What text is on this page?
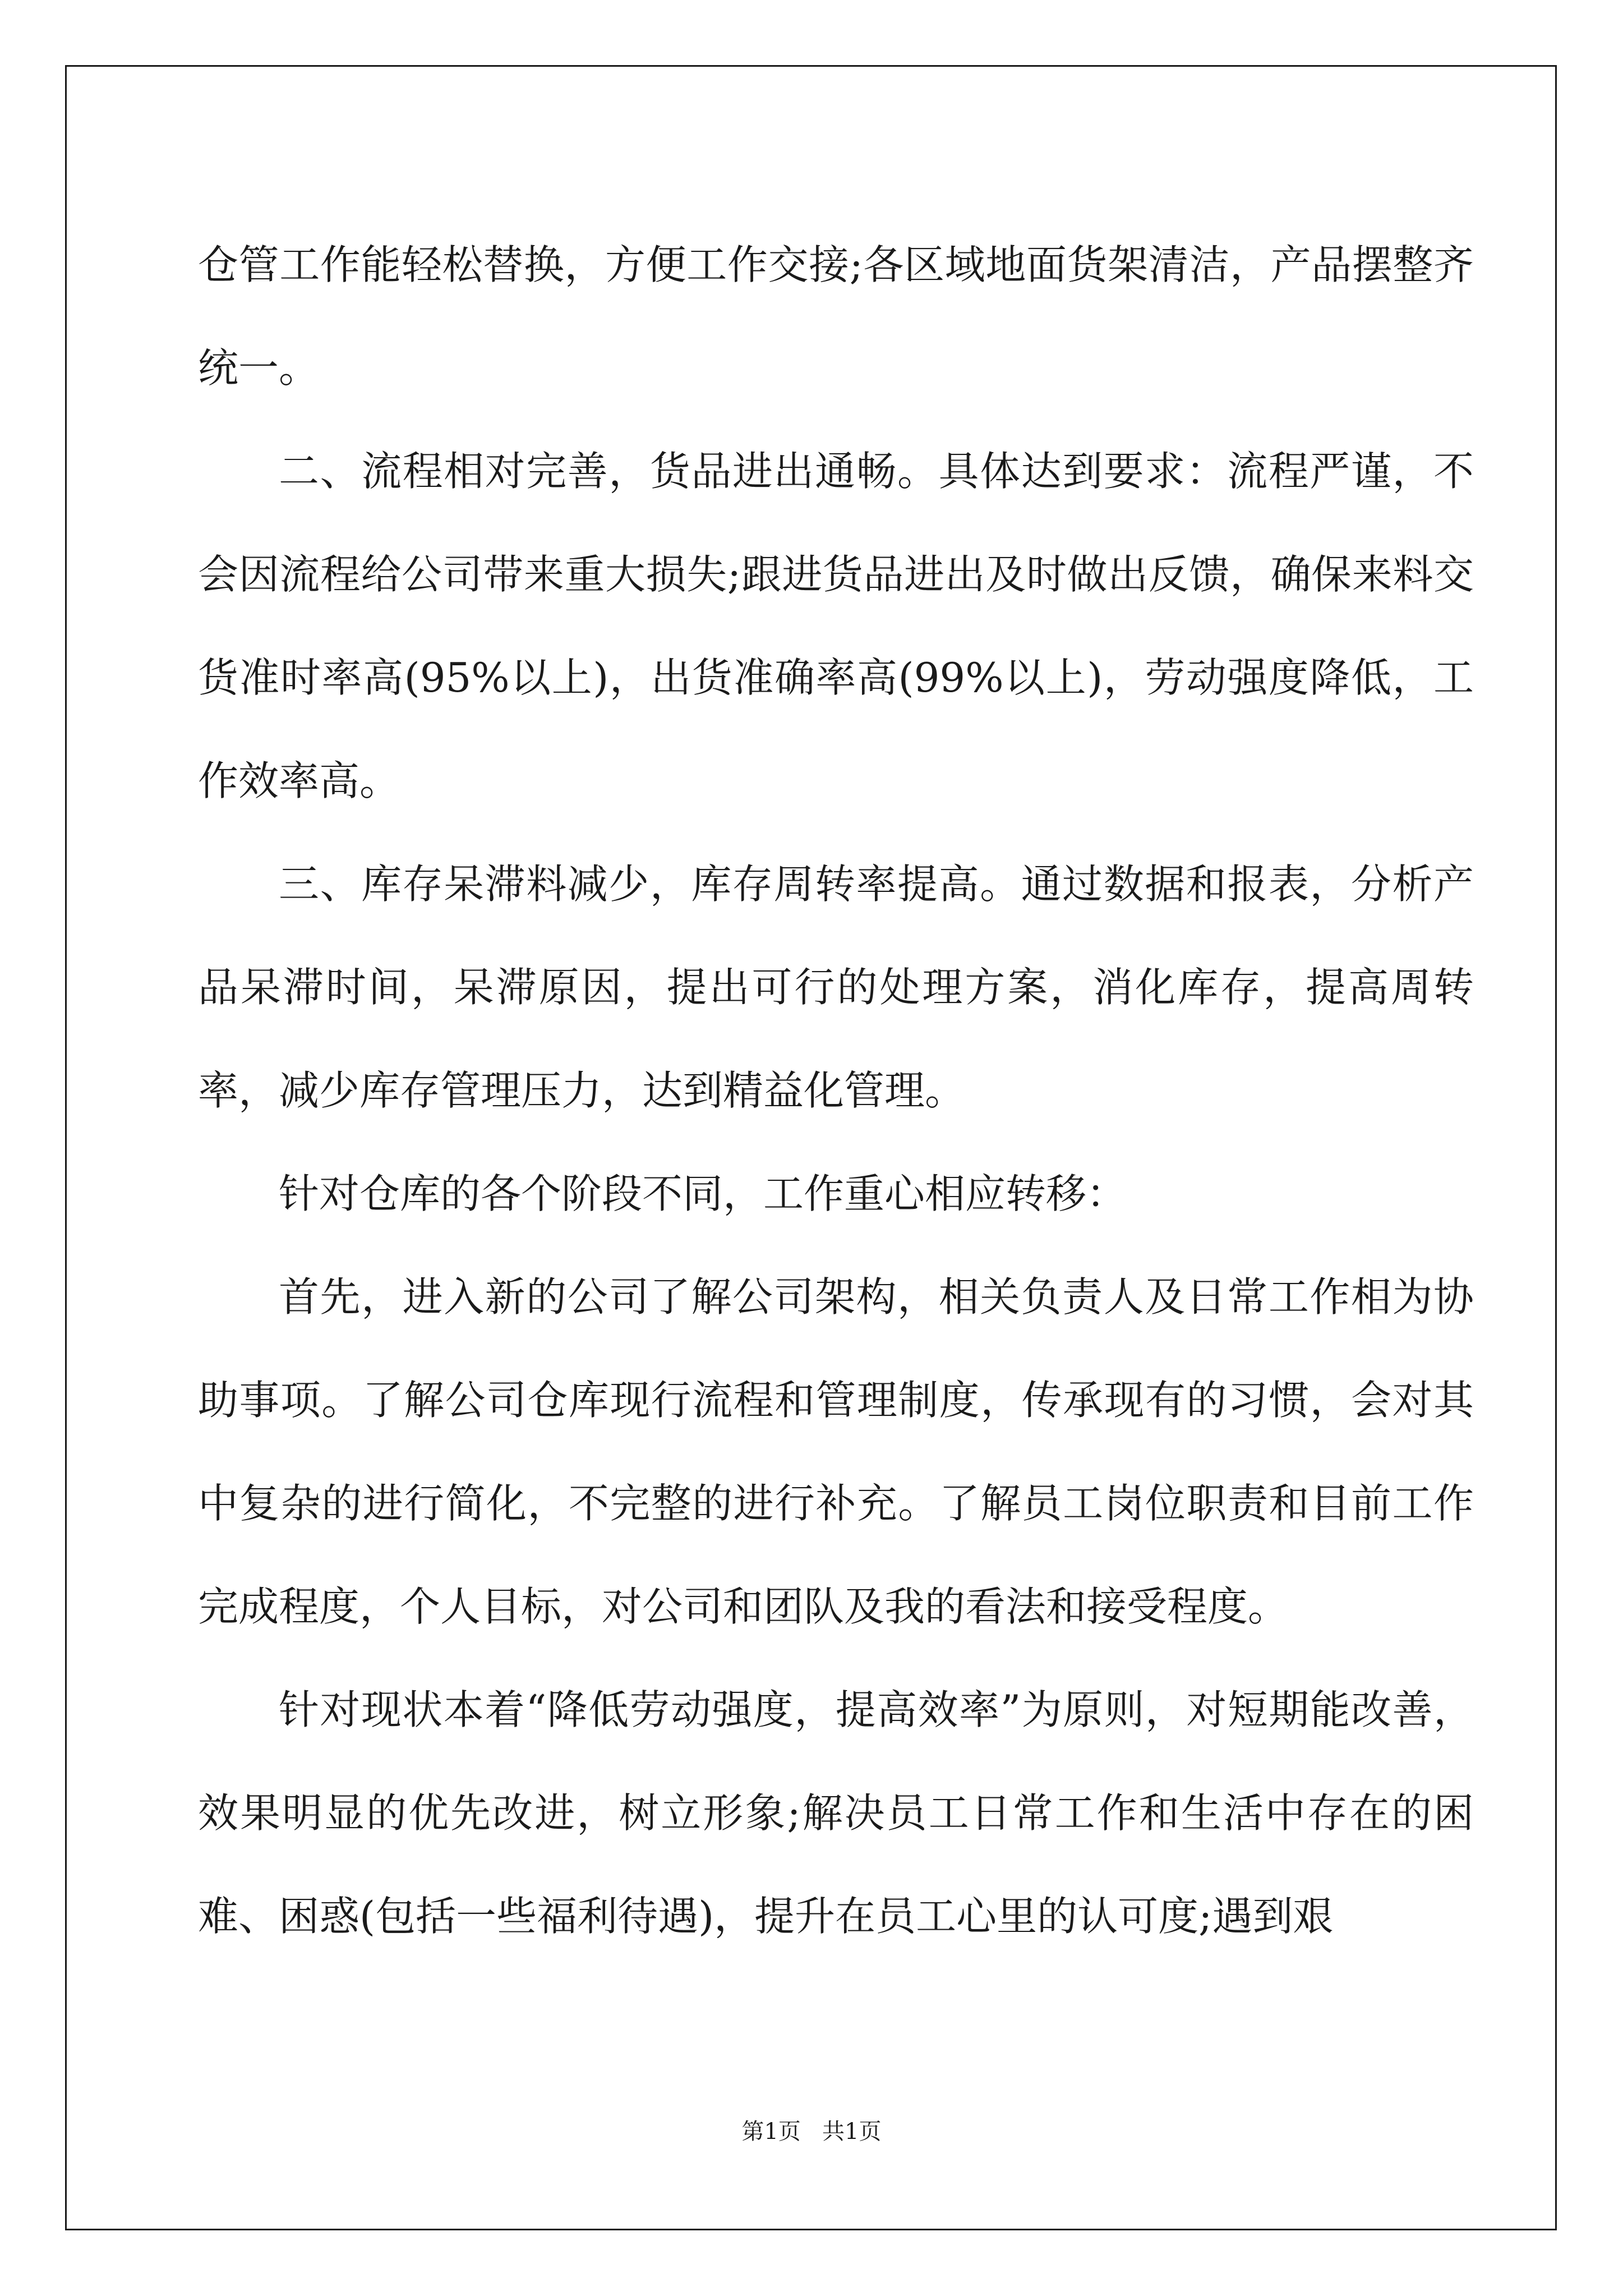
仓管工作能轻松替换，方便工作交接;各区域地面货架清洁，产品摆整齐统一。

二、流程相对完善，货品进出通畅。具体达到要求：流程严谨，不会因流程给公司带来重大损失;跟进货品进出及时做出反馈，确保来料交货准时率高(95%以上)，出货准确率高(99%以上)，劳动强度降低，工作效率高。

三、库存呆滞料减少，库存周转率提高。通过数据和报表，分析产品呆滞时间，呆滞原因，提出可行的处理方案，消化库存，提高周转率，减少库存管理压力，达到精益化管理。

针对仓库的各个阶段不同，工作重心相应转移：

首先，进入新的公司了解公司架构，相关负责人及日常工作相为协助事项。了解公司仓库现行流程和管理制度，传承现有的习惯，会对其中复杂的进行简化，不完整的进行补充。了解员工岗位职责和目前工作完成程度，个人目标，对公司和团队及我的看法和接受程度。

针对现状本着“降低劳动强度，提高效率”为原则，对短期能改善，效果明显的优先改进，树立形象;解决员工日常工作和生活中存在的困难、困惑(包括一些福利待遇)，提升在员工心里的认可度;遇到艰

第1页   共1页
